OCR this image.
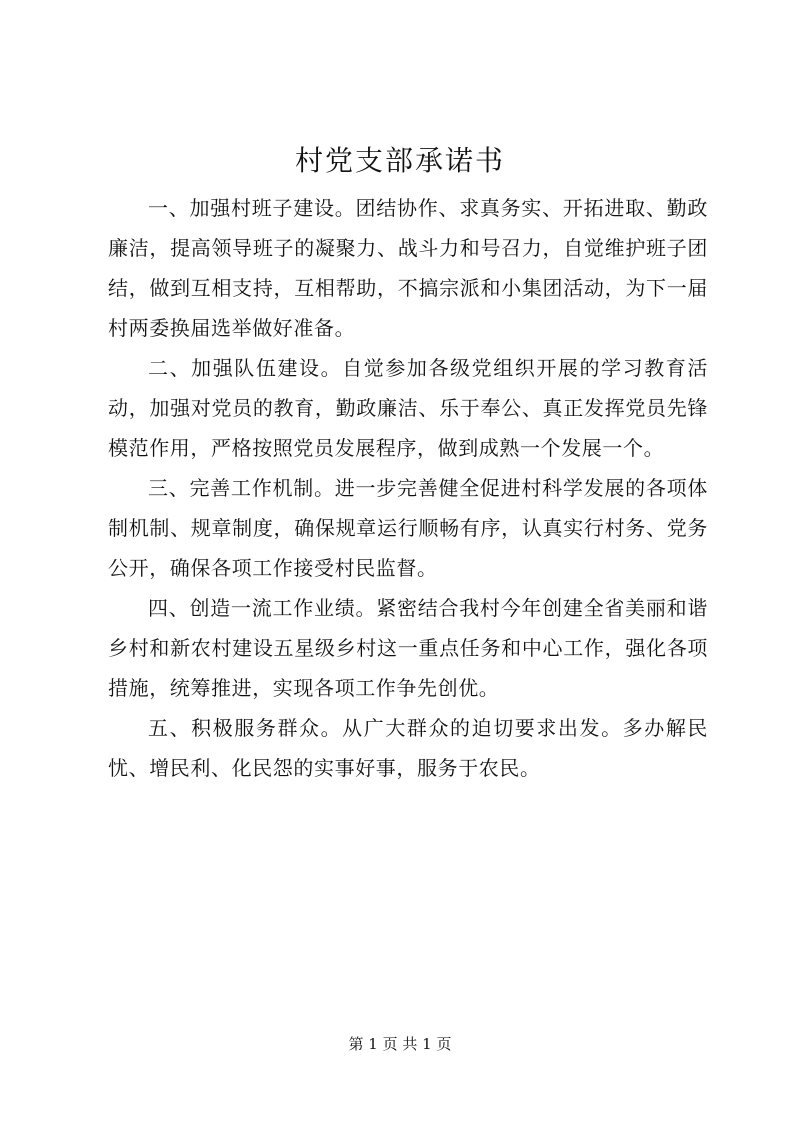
村党支部承诺书

一、加强村班子建设。团结协作、求真务实、开拓进取、勤政廉洁，提高领导班子的凝聚力、战斗力和号召力，自觉维护班子团结，做到互相支持，互相帮助，不搞宗派和小集团活动，为下一届村两委换届选举做好准备。

二、加强队伍建设。自觉参加各级党组织开展的学习教育活动，加强对党员的教育，勤政廉洁、乐于奉公、真正发挥党员先锋模范作用，严格按照党员发展程序，做到成熟一个发展一个。

三、完善工作机制。进一步完善健全促进村科学发展的各项体制机制、规章制度，确保规章运行顺畅有序，认真实行村务、党务公开，确保各项工作接受村民监督。

四、创造一流工作业绩。紧密结合我村今年创建全省美丽和谐乡村和新农村建设五星级乡村这一重点任务和中心工作，强化各项措施，统筹推进，实现各项工作争先创优。

五、积极服务群众。从广大群众的迫切要求出发。多办解民忧、增民利、化民怨的实事好事，服务于农民。

第 1 页 共 1 页
